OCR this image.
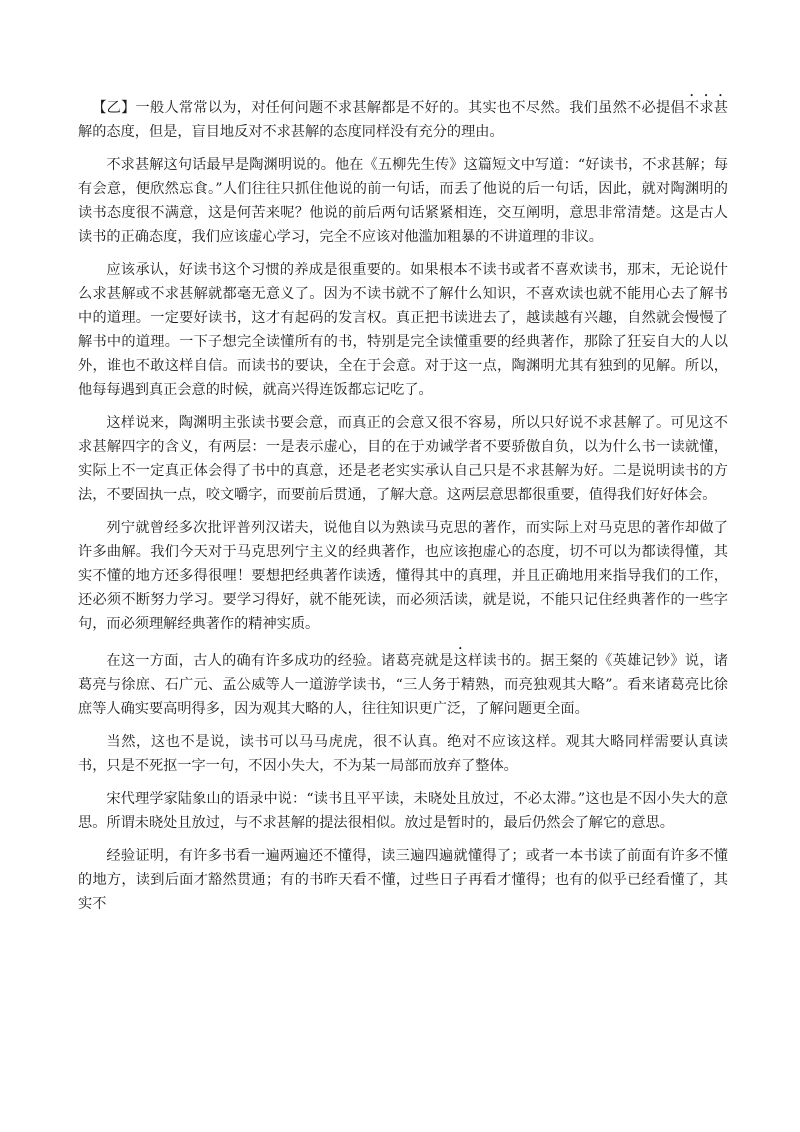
【乙】一般人常常以为，对任何问题不求甚解都是不好的。其实也不尽然。我们虽然不必提倡不求甚解的态度，但是，盲目地反对不求甚解的态度同样没有充分的理由。

不求甚解这句话最早是陶渊明说的。他在《五柳先生传》这篇短文中写道：“好读书，不求甚解；每有会意，便欣然忘食。”人们往往只抓住他说的前一句话，而丢了他说的后一句话，因此，就对陶渊明的读书态度很不满意，这是何苦来呢？他说的前后两句话紧紧相连，交互阐明，意思非常清楚。这是古人读书的正确态度，我们应该虚心学习，完全不应该对他滥加粗暴的不讲道理的非议。

应该承认，好读书这个习惯的养成是很重要的。如果根本不读书或者不喜欢读书，那末，无论说什么求甚解或不求甚解就都毫无意义了。因为不读书就不了解什么知识，不喜欢读也就不能用心去了解书中的道理。一定要好读书，这才有起码的发言权。真正把书读进去了，越读越有兴趣，自然就会慢慢了解书中的道理。一下子想完全读懂所有的书，特别是完全读懂重要的经典著作，那除了狂妄自大的人以外，谁也不敢这样自信。而读书的要诀，全在于会意。对于这一点，陶渊明尤其有独到的见解。所以，他每每遇到真正会意的时候，就高兴得连饭都忘记吃了。

这样说来，陶渊明主张读书要会意，而真正的会意又很不容易，所以只好说不求甚解了。可见这不求甚解四字的含义，有两层：一是表示虚心，目的在于劝诫学者不要骄傲自负，以为什么书一读就懂，实际上不一定真正体会得了书中的真意，还是老老实实承认自己只是不求甚解为好。二是说明读书的方法，不要固执一点，咬文嚼字，而要前后贯通，了解大意。这两层意思都很重要，值得我们好好体会。

列宁就曾经多次批评普列汉诺夫，说他自以为熟读马克思的著作，而实际上对马克思的著作却做了许多曲解。我们今天对于马克思列宁主义的经典著作，也应该抱虚心的态度，切不可以为都读得懂，其实不懂的地方还多得很哩！要想把经典著作读透，懂得其中的真理，并且正确地用来指导我们的工作，还必须不断努力学习。要学习得好，就不能死读，而必须活读，就是说，不能只记住经典著作的一些字句，而必须理解经典著作的精神实质。

在这一方面，古人的确有许多成功的经验。诸葛亮就是这样读书的。据王粲的《英雄记钞》说，诸葛亮与徐庶、石广元、孟公威等人一道游学读书，“三人务于精熟，而亮独观其大略”。看来诸葛亮比徐庶等人确实要高明得多，因为观其大略的人，往往知识更广泛，了解问题更全面。

当然，这也不是说，读书可以马马虎虎，很不认真。绝对不应该这样。观其大略同样需要认真读书，只是不死抠一字一句，不因小失大，不为某一局部而放弃了整体。

宋代理学家陆象山的语录中说：“读书且平平读，未晓处且放过，不必太滞。”这也是不因小失大的意思。所谓未晓处且放过，与不求甚解的提法很相似。放过是暂时的，最后仍然会了解它的意思。

经验证明，有许多书看一遍两遍还不懂得，读三遍四遍就懂得了；或者一本书读了前面有许多不懂的地方，读到后面才豁然贯通；有的书昨天看不懂，过些日子再看才懂得；也有的似乎已经看懂了，其实不
